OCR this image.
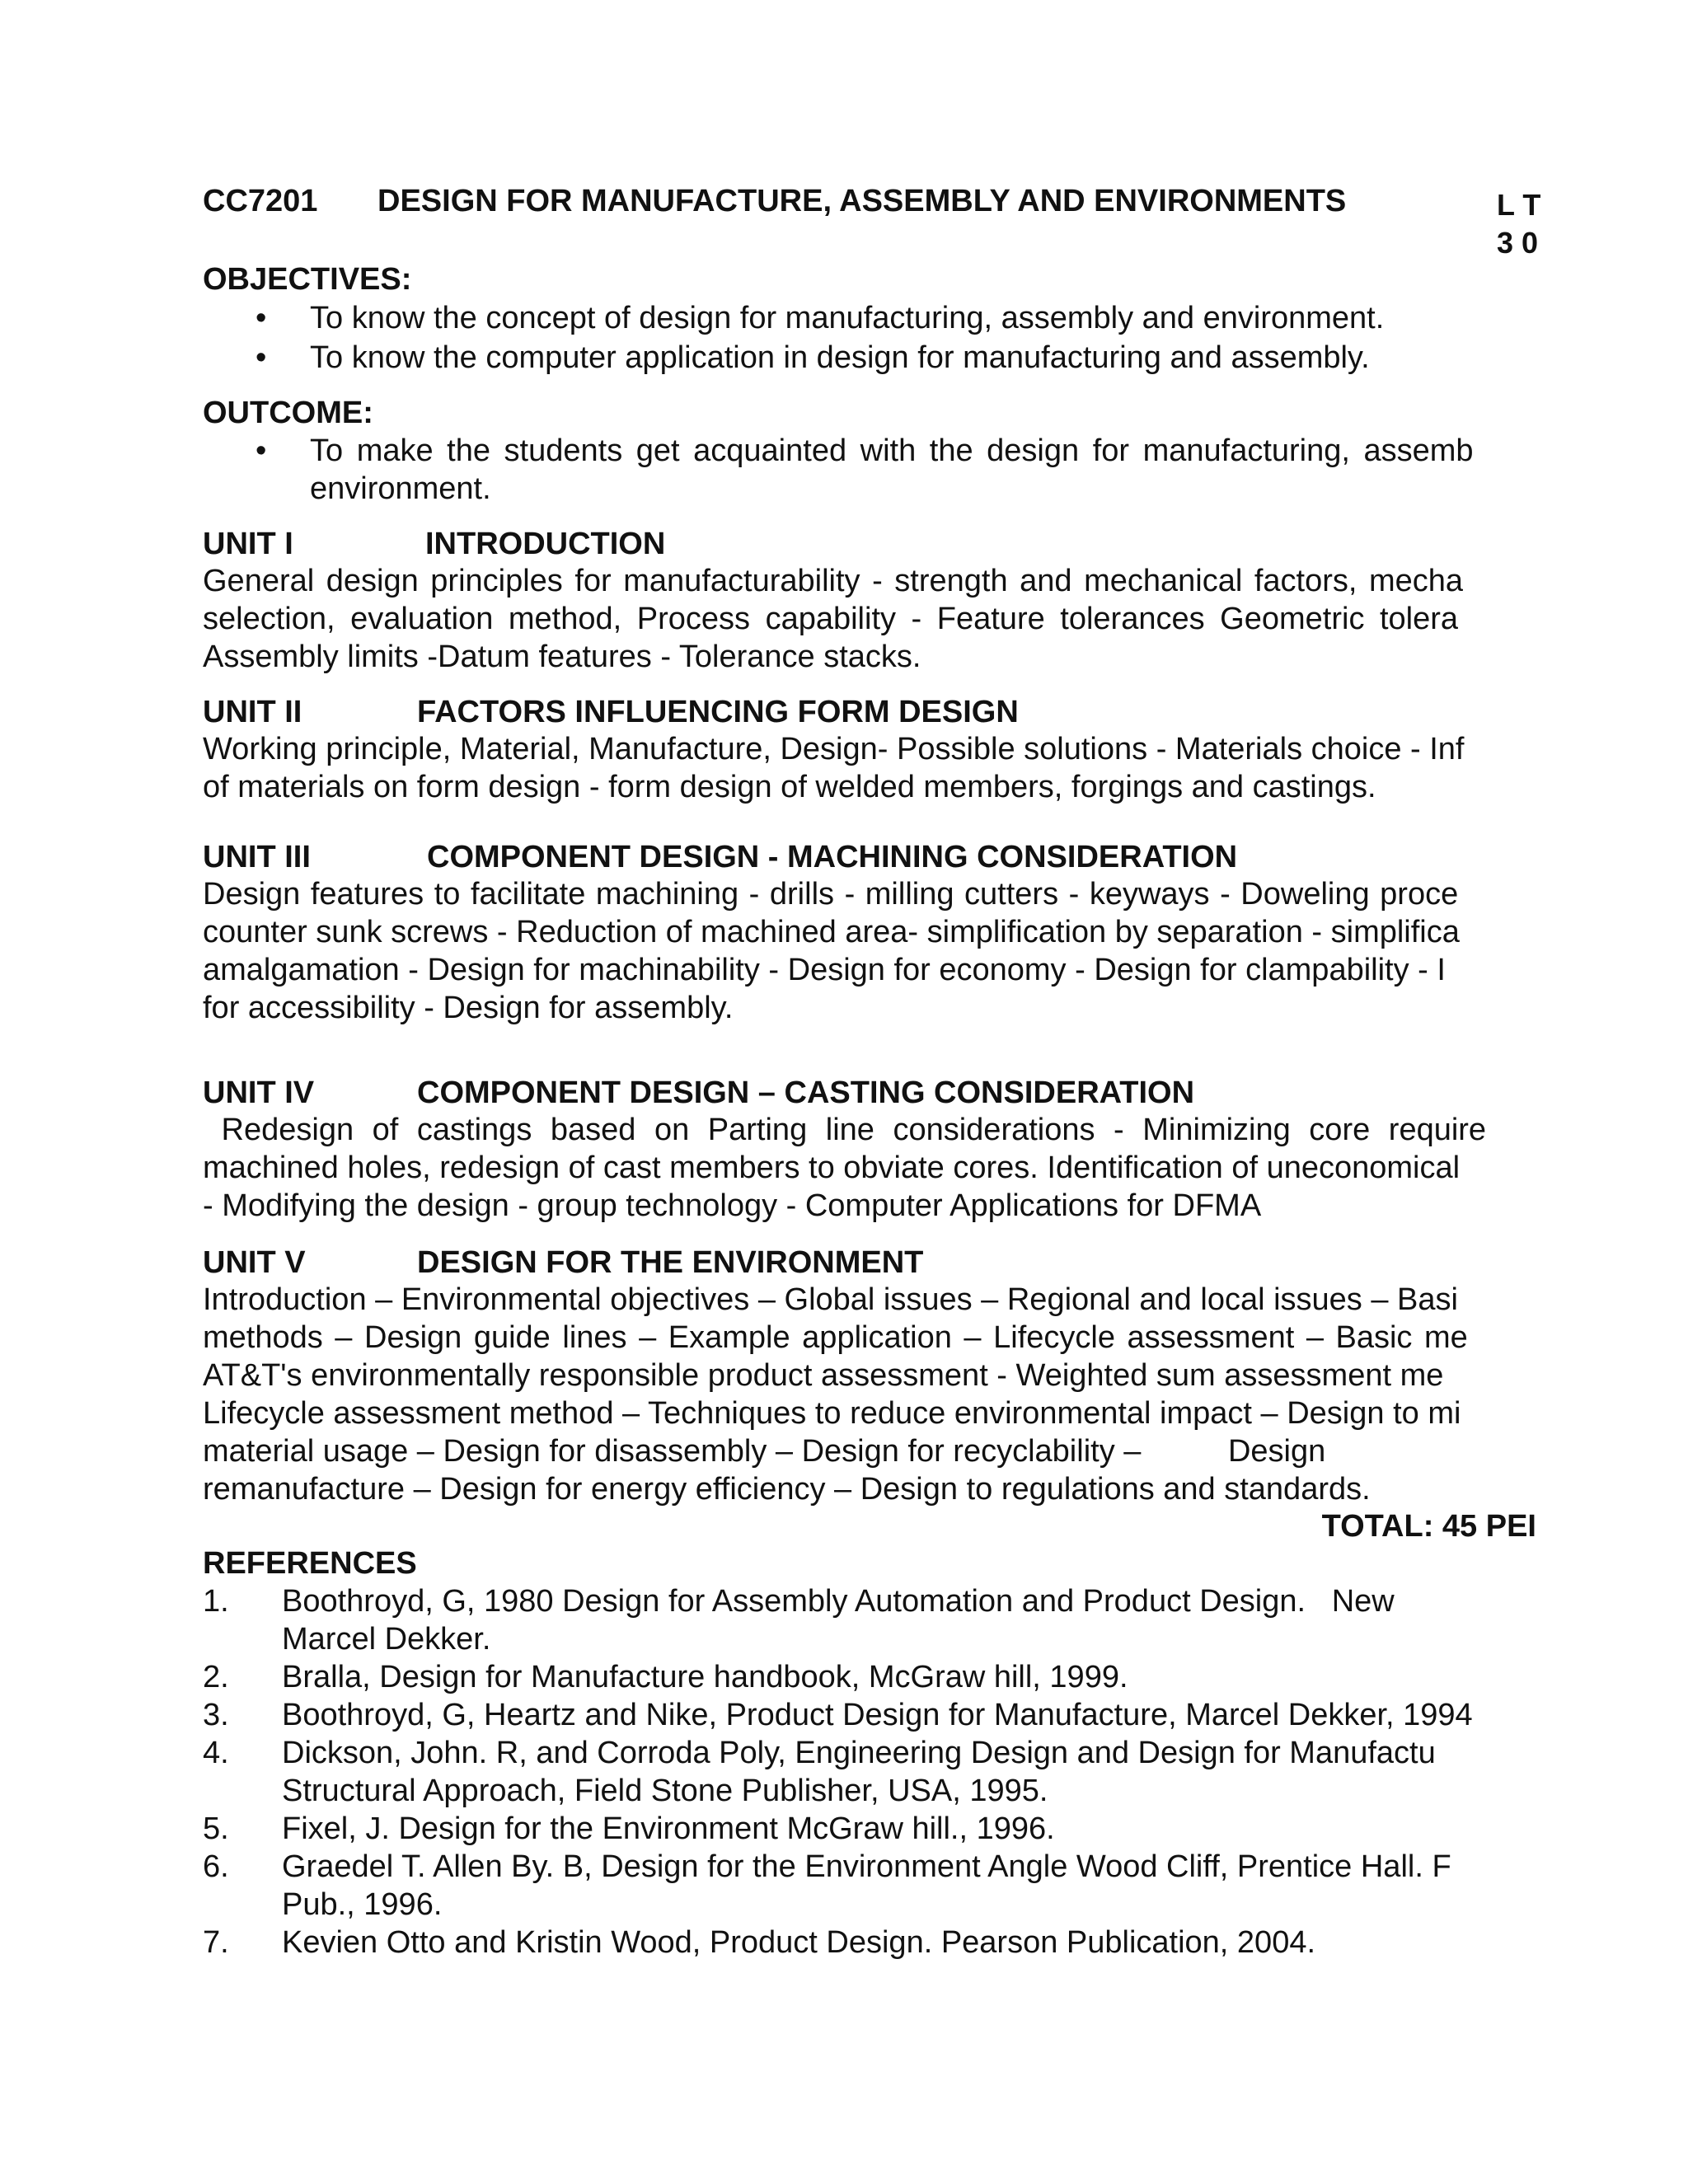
L T
3 0
CC7201 DESIGN FOR MANUFACTURE, ASSEMBLY AND ENVIRONMENTS
OBJECTIVES:
• To know the concept of design for manufacturing, assembly and environment.
• To know the computer application in design for manufacturing and assembly.
OUTCOME:
• To make the students get acquainted with the design for manufacturing, assemb
environment.
UNIT I	INTRODUCTION
General design principles for manufacturability - strength and mechanical factors, mecha
selection, evaluation method, Process capability - Feature tolerances Geometric tolera
Assembly limits -Datum features - Tolerance stacks.
UNIT II	FACTORS INFLUENCING FORM DESIGN
Working principle, Material, Manufacture, Design- Possible solutions - Materials choice - Inf
of materials on form design - form design of welded members, forgings and castings.
UNIT III	COMPONENT DESIGN - MACHINING CONSIDERATION
Design features to facilitate machining - drills - milling cutters - keyways - Doweling proce
counter sunk screws - Reduction of machined area- simplification by separation - simplifica
amalgamation - Design for machinability - Design for economy - Design for clampability - I
for accessibility - Design for assembly.
UNIT IV	COMPONENT DESIGN – CASTING CONSIDERATION
Redesign of castings based on Parting line considerations - Minimizing core require
machined holes, redesign of cast members to obviate cores. Identification of uneconomical
- Modifying the design - group technology - Computer Applications for DFMA
UNIT V	DESIGN FOR THE ENVIRONMENT
Introduction – Environmental objectives – Global issues – Regional and local issues – Basi
methods – Design guide lines – Example application – Lifecycle assessment – Basic me
AT&T's environmentally responsible product assessment - Weighted sum assessment me
Lifecycle assessment method – Techniques to reduce environmental impact – Design to mi
material usage – Design for disassembly – Design for recyclability –          Design
remanufacture – Design for energy efficiency – Design to regulations and standards.
TOTAL: 45 PEI
REFERENCES
1. Boothroyd, G, 1980 Design for Assembly Automation and Product Design.   New
Marcel Dekker.
2. Bralla, Design for Manufacture handbook, McGraw hill, 1999.
3. Boothroyd, G, Heartz and Nike, Product Design for Manufacture, Marcel Dekker, 1994
4. Dickson, John. R, and Corroda Poly, Engineering Design and Design for Manufactu
Structural Approach, Field Stone Publisher, USA, 1995.
5. Fixel, J. Design for the Environment McGraw hill., 1996.
6. Graedel T. Allen By. B, Design for the Environment Angle Wood Cliff, Prentice Hall. F
Pub., 1996.
7. Kevien Otto and Kristin Wood, Product Design. Pearson Publication, 2004.
